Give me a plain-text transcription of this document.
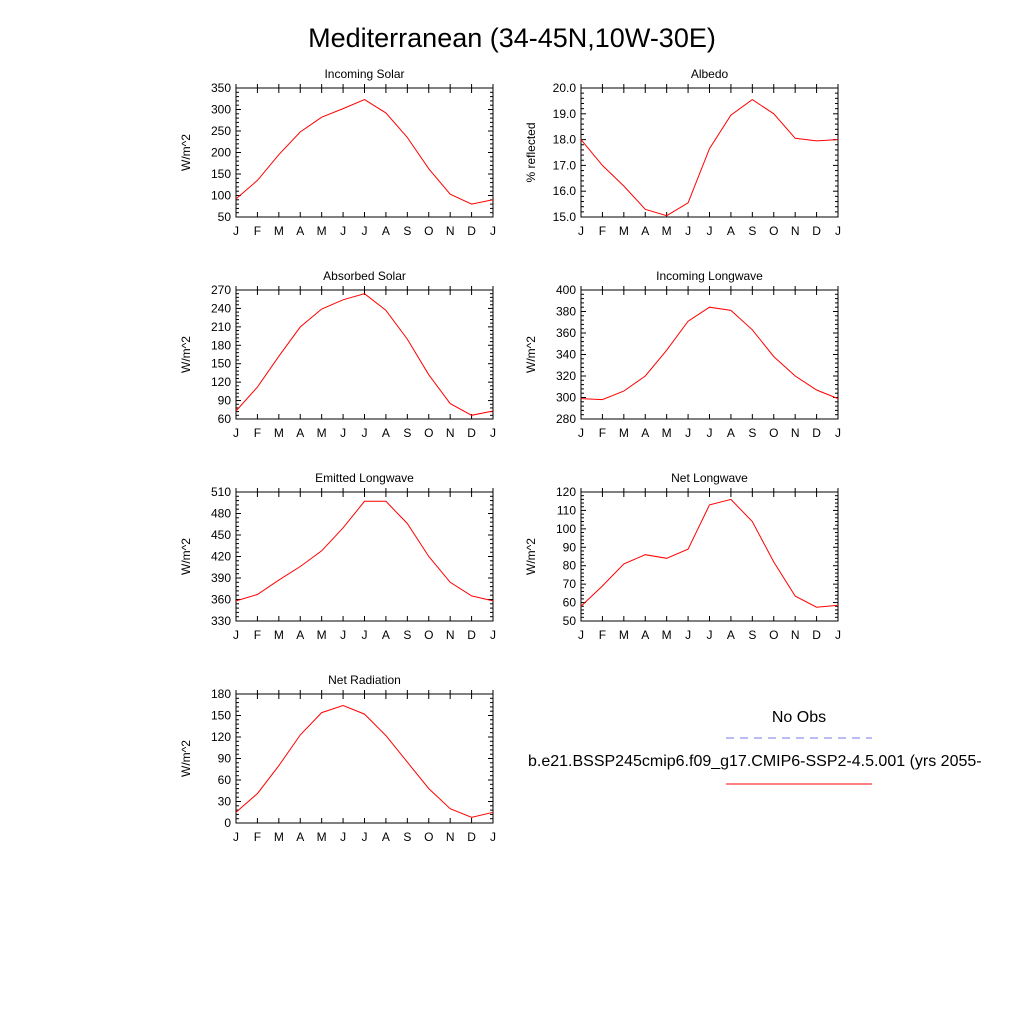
Mediterranean (34-45N,10W-30E)
Incoming Solar
J F M A M J J A S O N D J
50
100
150
200
250
300
350
W/m^2
Albedo
J F M A M J J A S O N D J
15.0
16.0
17.0
18.0
19.0
20.0
% reflected
Absorbed Solar
J F M A M J J A S O N D J
60
90
120
150
180
210
240
270
W/m^2
Incoming Longwave
J F M A M J J A S O N D J
280
300
320
340
360
380
400
W/m^2
Emitted Longwave
J F M A M J J A S O N D J
330
360
390
420
450
480
510
W/m^2
Net Longwave
J F M A M J J A S O N D J
50
60
70
80
90
100
110
120
W/m^2
Net Radiation
J F M A M J J A S O N D J
0
30
60
90
120
150
180
W/m^2
No Obs
b.e21.BSSP245cmip6.f09_g17.CMIP6-SSP2-4.5.001 (yrs 2055-
